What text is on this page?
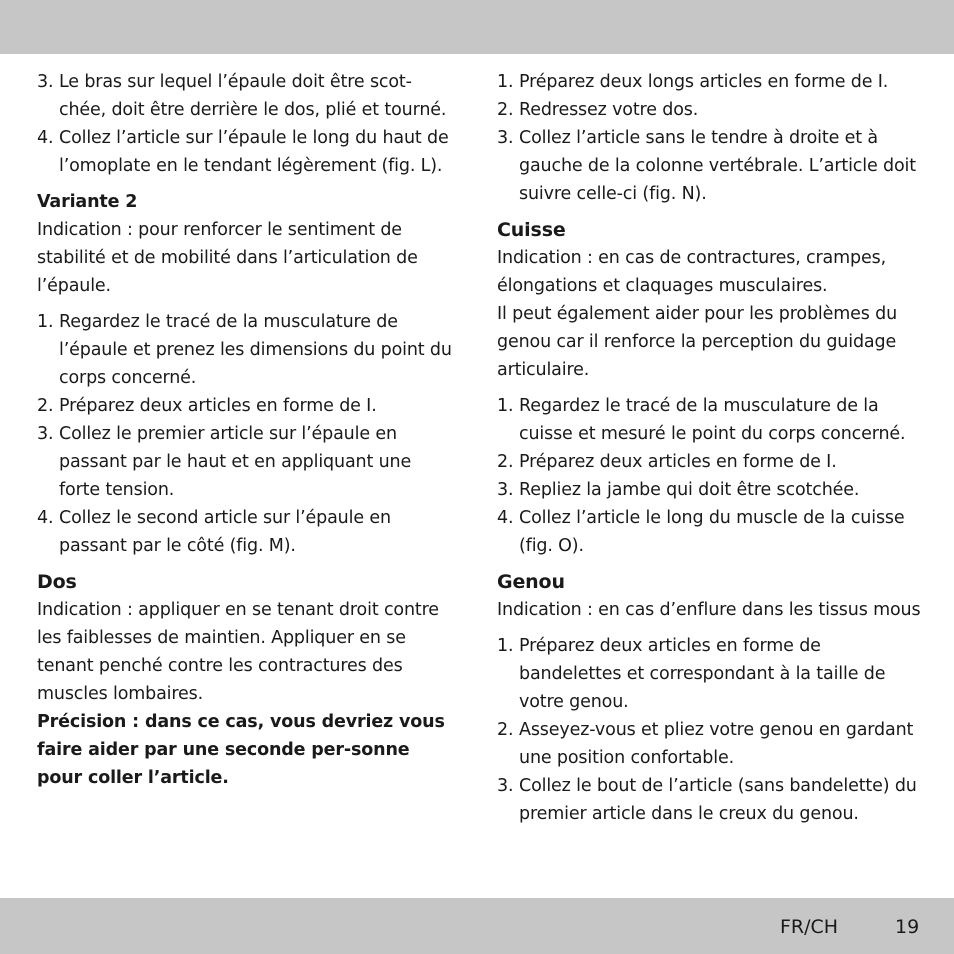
3. Le bras sur lequel l’épaule doit être scot-chée, doit être derrière le dos, plié et tourné.
4. Collez l’article sur l’épaule le long du haut de l’omoplate en le tendant légèrement (fig. L).

Variante 2

Indication : pour renforcer le sentiment de stabilité et de mobilité dans l’articulation de l’épaule.

1. Regardez le tracé de la musculature de l’épaule et prenez les dimensions du point du corps concerné.
2. Préparez deux articles en forme de I.
3. Collez le premier article sur l’épaule en passant par le haut et en appliquant une forte tension.
4. Collez le second article sur l’épaule en passant par le côté (fig. M).

Dos

Indication : appliquer en se tenant droit contre les faiblesses de maintien. Appliquer en se tenant penché contre les contractures des muscles lombaires.

Précision : dans ce cas, vous devriez vous faire aider par une seconde per-sonne pour coller l’article.

1. Préparez deux longs articles en forme de I.
2. Redressez votre dos.
3. Collez l’article sans le tendre à droite et à gauche de la colonne vertébrale. L’article doit suivre celle-ci (fig. N).

Cuisse

Indication : en cas de contractures, crampes, élongations et claquages musculaires.

Il peut également aider pour les problèmes du genou car il renforce la perception du guidage articulaire.

1. Regardez le tracé de la musculature de la cuisse et mesuré le point du corps concerné.
2. Préparez deux articles en forme de I.
3. Repliez la jambe qui doit être scotchée.
4. Collez l’article le long du muscle de la cuisse (fig. O).

Genou

Indication : en cas d’enflure dans les tissus mous

1. Préparez deux articles en forme de bandelettes et correspondant à la taille de votre genou.
2. Asseyez-vous et pliez votre genou en gardant une position confortable.
3. Collez le bout de l’article (sans bandelette) du premier article dans le creux du genou.
FR/CH	19
